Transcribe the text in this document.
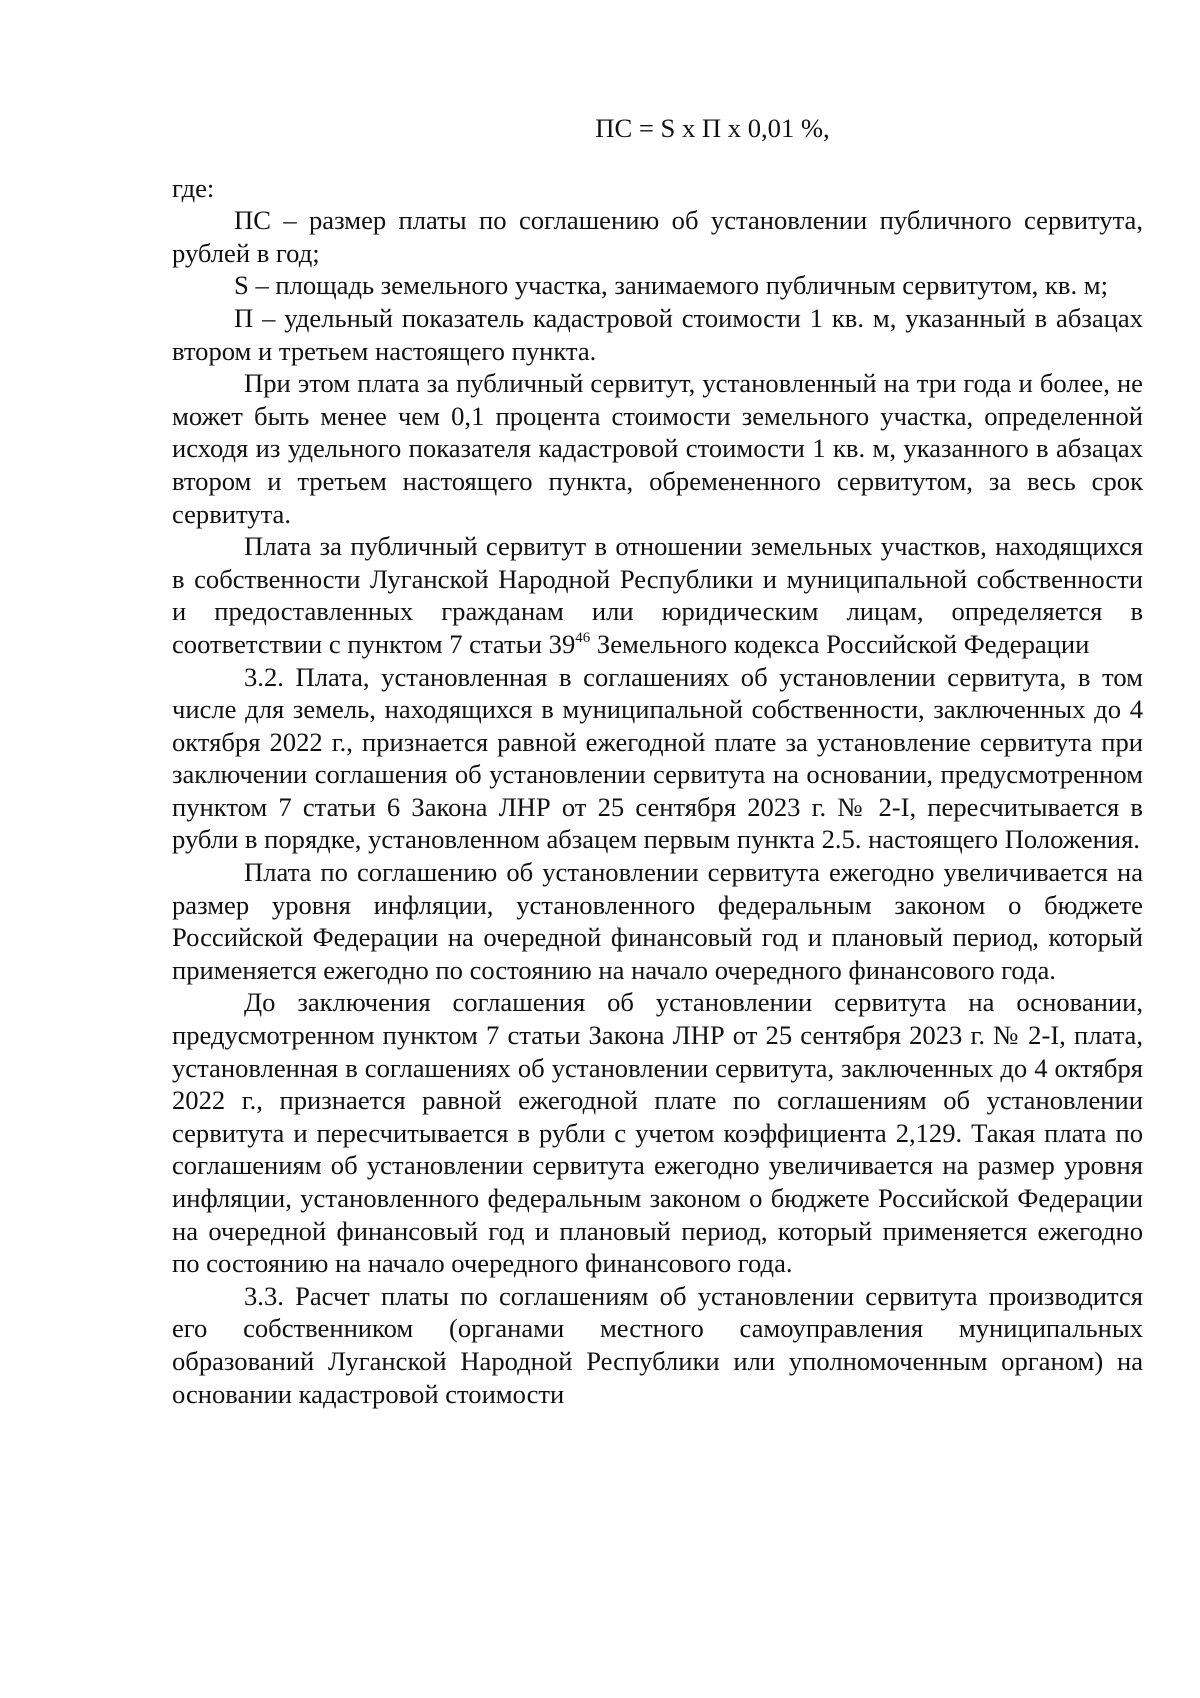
ПС = S х П х 0,01 %,

где:

ПС – размер платы по соглашению об установлении публичного сервитута, рублей в год;

S – площадь земельного участка, занимаемого публичным сервитутом, кв. м;

П – удельный показатель кадастровой стоимости 1 кв. м, указанный в абзацах втором и третьем настоящего пункта.

При этом плата за публичный сервитут, установленный на три года и более, не может быть менее чем 0,1 процента стоимости земельного участка, определенной исходя из удельного показателя кадастровой стоимости 1 кв. м, указанного в абзацах втором и третьем настоящего пункта, обремененного сервитутом, за весь срок сервитута.

Плата за публичный сервитут в отношении земельных участков, находящихся в собственности Луганской Народной Республики и муниципальной собственности и предоставленных гражданам или юридическим лицам, определяется в соответствии с пунктом 7 статьи $39^{46}$ Земельного кодекса Российской Федерации

3.2. Плата, установленная в соглашениях об установлении сервитута, в том числе для земель, находящихся в муниципальной собственности, заключенных до 4 октября 2022 г., признается равной ежегодной плате за установление сервитута при заключении соглашения об установлении сервитута на основании, предусмотренном пунктом 7 статьи 6 Закона ЛНР от 25 сентября 2023 г. № 2-I, пересчитывается в рубли в порядке, установленном абзацем первым пункта 2.5. настоящего Положения.

Плата по соглашению об установлении сервитута ежегодно увеличивается на размер уровня инфляции, установленного федеральным законом о бюджете Российской Федерации на очередной финансовый год и плановый период, который применяется ежегодно по состоянию на начало очередного финансового года.

До заключения соглашения об установлении сервитута на основании, предусмотренном пунктом 7 статьи Закона ЛНР от 25 сентября 2023 г. № 2-I, плата, установленная в соглашениях об установлении сервитута, заключенных до 4 октября 2022 г., признается равной ежегодной плате по соглашениям об установлении сервитута и пересчитывается в рубли с учетом коэффициента 2,129. Такая плата по соглашениям об установлении сервитута ежегодно увеличивается на размер уровня инфляции, установленного федеральным законом о бюджете Российской Федерации на очередной финансовый год и плановый период, который применяется ежегодно по состоянию на начало очередного финансового года.

3.3. Расчет платы по соглашениям об установлении сервитута производится его собственником (органами местного самоуправления муниципальных образований Луганской Народной Республики или уполномоченным органом) на основании кадастровой стоимости
